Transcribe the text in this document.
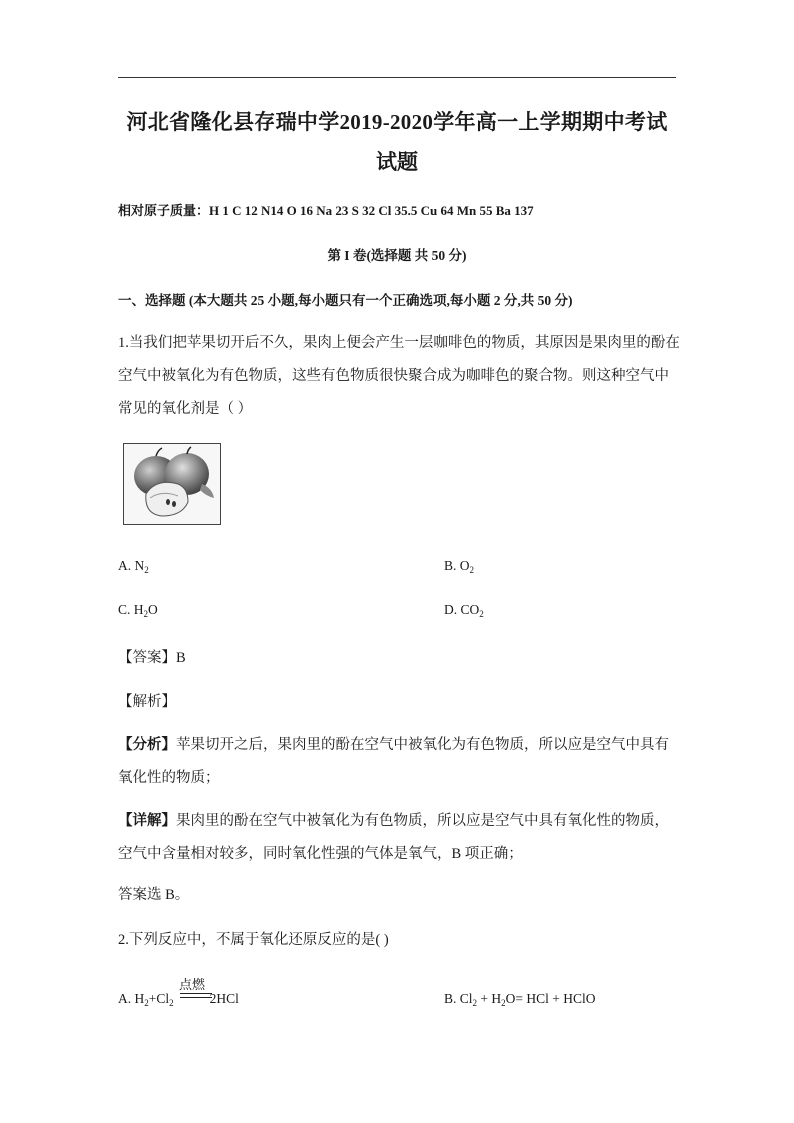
河北省隆化县存瑞中学2019-2020学年高一上学期期中考试
试题
相对原子质量：H 1 C 12 N14 O 16 Na 23 S 32 Cl 35.5 Cu 64 Mn 55 Ba 137
第 I 卷(选择题 共 50 分)
一、选择题 (本大题共 25 小题,每小题只有一个正确选项,每小题 2 分,共 50 分)
1.当我们把苹果切开后不久，果肉上便会产生一层咖啡色的物质，其原因是果肉里的酚在空气中被氧化为有色物质，这些有色物质很快聚合成为咖啡色的聚合物。则这种空气中常见的氧化剂是（ ）
A. $N_2$	B. $O_2$
C. $H_2O$	D. $CO_2$
【答案】B
【解析】
【分析】苹果切开之后，果肉里的酚在空气中被氧化为有色物质，所以应是空气中具有氧化性的物质；
【详解】果肉里的酚在空气中被氧化为有色物质，所以应是空气中具有氧化性的物质，空气中含量相对较多，同时氧化性强的气体是氧气，B 项正确；
答案选 B。
2.下列反应中，不属于氧化还原反应的是( )
A. $H_2+Cl_2$	2HCl
点燃
B. $Cl_2 + H_2O=$ HCl + HClO
